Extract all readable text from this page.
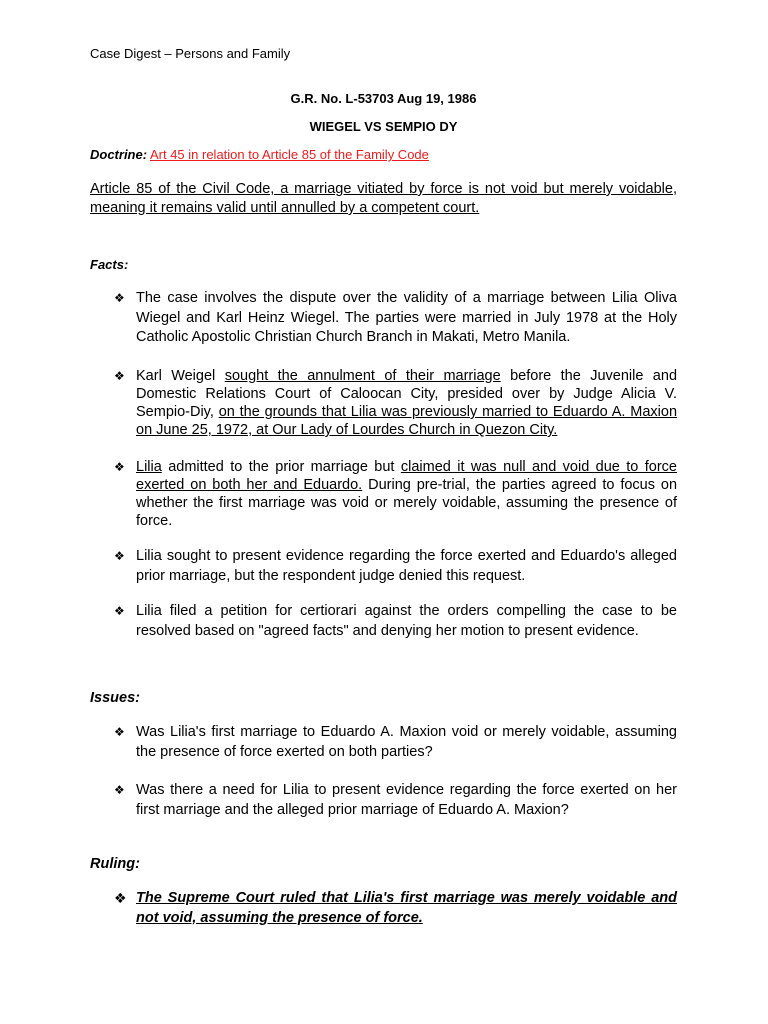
Case Digest – Persons and Family

G.R. No. L-53703 Aug 19, 1986

WIEGEL VS SEMPIO DY

Doctrine: Art 45 in relation to Article 85 of the Family Code

Article 85 of the Civil Code, a marriage vitiated by force is not void but merely voidable, meaning it remains valid until annulled by a competent court.

Facts:

❖ The case involves the dispute over the validity of a marriage between Lilia Oliva Wiegel and Karl Heinz Wiegel. The parties were married in July 1978 at the Holy Catholic Apostolic Christian Church Branch in Makati, Metro Manila.
❖ Karl Weigel sought the annulment of their marriage before the Juvenile and Domestic Relations Court of Caloocan City, presided over by Judge Alicia V. Sempio-Diy, on the grounds that Lilia was previously married to Eduardo A. Maxion on June 25, 1972, at Our Lady of Lourdes Church in Quezon City.
❖ Lilia admitted to the prior marriage but claimed it was null and void due to force exerted on both her and Eduardo. During pre-trial, the parties agreed to focus on whether the first marriage was void or merely voidable, assuming the presence of force.
❖ Lilia sought to present evidence regarding the force exerted and Eduardo's alleged prior marriage, but the respondent judge denied this request.
❖ Lilia filed a petition for certiorari against the orders compelling the case to be resolved based on "agreed facts" and denying her motion to present evidence.

Issues:

❖ Was Lilia's first marriage to Eduardo A. Maxion void or merely voidable, assuming the presence of force exerted on both parties?
❖ Was there a need for Lilia to present evidence regarding the force exerted on her first marriage and the alleged prior marriage of Eduardo A. Maxion?

Ruling:

❖ The Supreme Court ruled that Lilia's first marriage was merely voidable and not void, assuming the presence of force.
